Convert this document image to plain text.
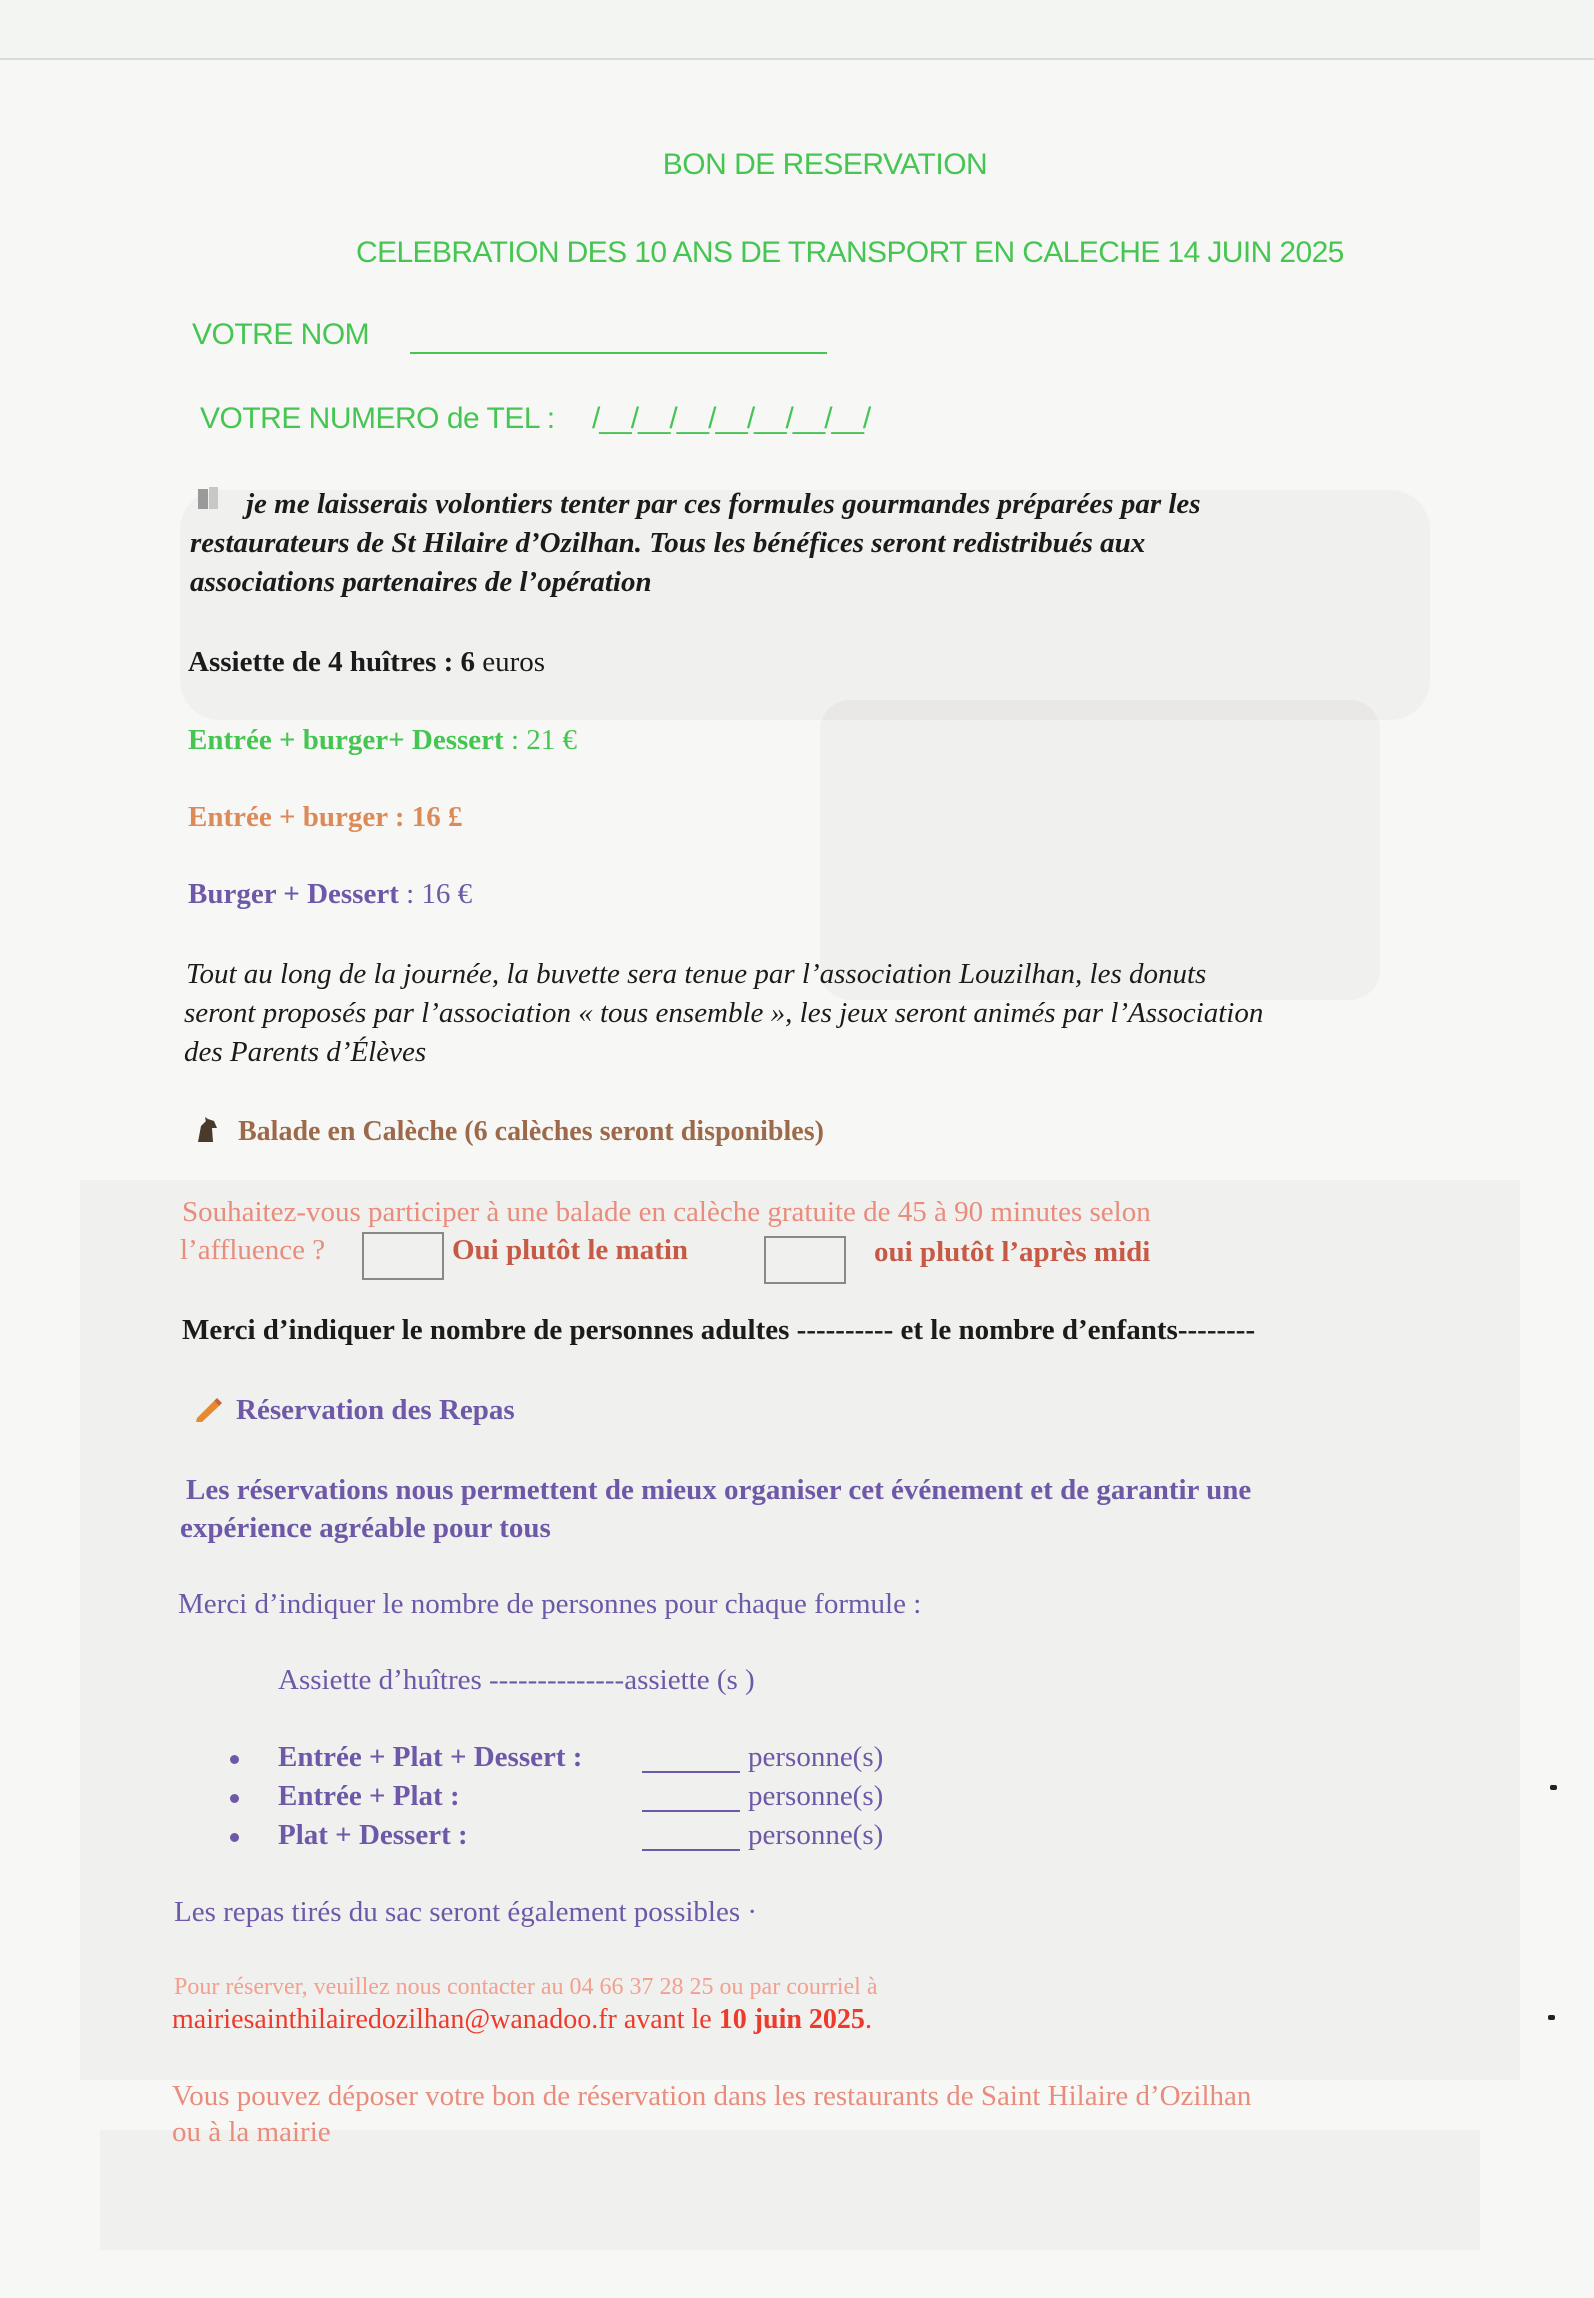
BON DE RESERVATION

CELEBRATION DES 10 ANS DE TRANSPORT EN CALECHE 14 JUIN 2025

VOTRE NOM

VOTRE NUMERO de TEL : /__/__/__/__/__/__/__/

je me laisserais volontiers tenter par ces formules gourmandes préparées par les

restaurateurs de St Hilaire d’Ozilhan. Tous les bénéfices seront redistribués aux

associations partenaires de l’opération

Assiette de 4 huîtres : 6 euros

Entrée + burger+ Dessert : 21 €

Entrée + burger : 16 £

Burger + Dessert : 16 €

Tout au long de la journée, la buvette sera tenue par l’association Louzilhan, les donuts

seront proposés par l’association « tous ensemble », les jeux seront animés par l’Association

des Parents d’Élèves

Balade en Calèche (6 calèches seront disponibles)

Souhaitez-vous participer à une balade en calèche gratuite de 45 à 90 minutes selon

l’affluence ?	Oui plutôt le matin	oui plutôt l’après midi

Merci d’indiquer le nombre de personnes adultes ---------- et le nombre d’enfants--------

Réservation des Repas

Les réservations nous permettent de mieux organiser cet événement et de garantir une

expérience agréable pour tous

Merci d’indiquer le nombre de personnes pour chaque formule :

Assiette d’huîtres --------------assiette (s )

Entrée + Plat + Dessert :	personne(s)
Entrée + Plat :	personne(s)
Plat + Dessert :	personne(s)

Les repas tirés du sac seront également possibles ·

Pour réserver, veuillez nous contacter au 04 66 37 28 25 ou par courriel à

mairiesainthilairedozilhan@wanadoo.fr avant le 10 juin 2025.

Vous pouvez déposer votre bon de réservation dans les restaurants de Saint Hilaire d’Ozilhan

ou à la mairie
